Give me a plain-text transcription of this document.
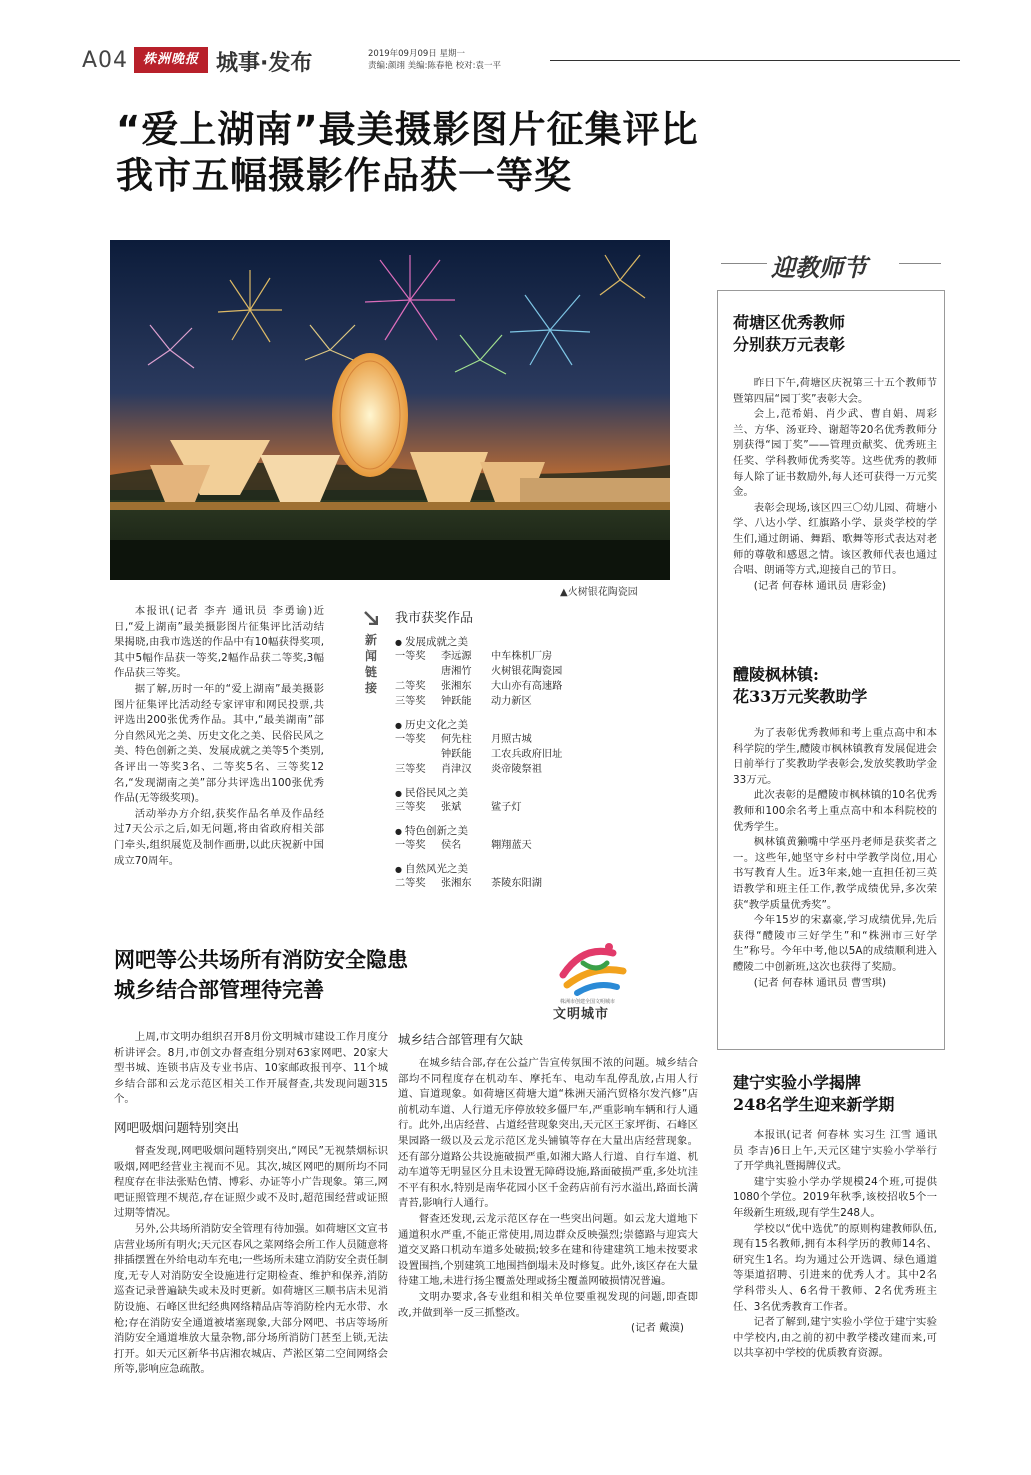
A04	株洲晚报 城事·发布	2019年09月09日 星期一
责编:颜翊 美编:陈春艳 校对:袁一平
“爱上湖南”最美摄影图片征集评比
我市五幅摄影作品获一等奖
▲火树银花陶瓷园

本报讯(记者 李卉 通讯员 李勇谕)近日,“爱上湖南”最美摄影图片征集评比活动结果揭晓,由我市选送的作品中有10幅获得奖项,其中5幅作品获一等奖,2幅作品获二等奖,3幅作品获三等奖。

据了解,历时一年的“爱上湖南”最美摄影图片征集评比活动经专家评审和网民投票,共评选出200张优秀作品。其中,“最美湖南”部分自然风光之美、历史文化之美、民俗民风之美、特色创新之美、发展成就之美等5个类别,各评出一等奖3名、二等奖5名、三等奖12名,“发现湖南之美”部分共评选出100张优秀作品(无等级奖项)。

活动举办方介绍,获奖作品名单及作品经过7天公示之后,如无问题,将由省政府相关部门牵头,组织展览及制作画册,以此庆祝新中国成立70周年。

新
闻
链
接
我市获奖作品
● 发展成就之美
一等奖	李远源	中车株机厂房
唐湘竹	火树银花陶瓷园
二等奖	张湘东	大山亦有高速路
三等奖	钟跃能	动力新区
● 历史文化之美
一等奖	何先柱	月照古城
钟跃能	工农兵政府旧址
三等奖	肖津汉	炎帝陵祭祖
● 民俗民风之美
三等奖	张斌	鲨子灯
● 特色创新之美
一等奖	侯名	翱翔蓝天
● 自然风光之美
二等奖	张湘东	茶陵东阳湖
网吧等公共场所有消防安全隐患
城乡结合部管理待完善	株洲市创建全国文明城市
文明城市

上周,市文明办组织召开8月份文明城市建设工作月度分析讲评会。8月,市创文办督查组分别对63家网吧、20家大型书城、连锁书店及专业书店、10家邮政报刊亭、11个城乡结合部和云龙示范区相关工作开展督查,共发现问题315个。

网吧吸烟问题特别突出

督查发现,网吧吸烟问题特别突出,“网民”无视禁烟标识吸烟,网吧经营业主视而不见。其次,城区网吧的厕所均不同程度存在非法张贴色情、博彩、办证等小广告现象。第三,网吧证照管理不规范,存在证照少或不及时,超范围经营或证照过期等情况。

另外,公共场所消防安全管理有待加强。如荷塘区文宣书店营业场所有明火;天元区春风之菜网络会所工作人员随意将排插摆置在外给电动车充电;一些场所未建立消防安全责任制度,无专人对消防安全设施进行定期检查、维护和保养,消防巡查记录普遍缺失或未及时更新。如荷塘区三顺书店未见消防设施、石峰区世纪经典网络精品店等消防栓内无水带、水枪;存在消防安全通道被堵塞现象,大部分网吧、书店等场所消防安全通道堆放大量杂物,部分场所消防门甚至上锁,无法打开。如天元区新华书店湘农城店、芦淞区第二空间网络会所等,影响应急疏散。

城乡结合部管理有欠缺

在城乡结合部,存在公益广告宣传氛围不浓的问题。城乡结合部均不同程度存在机动车、摩托车、电动车乱停乱放,占用人行道、盲道现象。如荷塘区荷塘大道“株洲天涌汽贸格尔发汽修”店前机动车道、人行道无序停放较多僵尸车,严重影响车辆和行人通行。此外,出店经营、占道经营现象突出,天元区王家坪街、石峰区果园路一级以及云龙示范区龙头铺镇等存在大量出店经营现象。还有部分道路公共设施破损严重,如湘大路人行道、自行车道、机动车道等无明显区分且未设置无障碍设施,路面破损严重,多处坑洼不平有积水,特别是南华花园小区千金药店前有污水溢出,路面长满青苔,影响行人通行。

督查还发现,云龙示范区存在一些突出问题。如云龙大道地下通道积水严重,不能正常使用,周边群众反映强烈;崇德路与迎宾大道交叉路口机动车道多处破损;较多在建和待建建筑工地未按要求设置围挡,个别建筑工地围挡倒塌未及时修复。此外,该区存在大量待建工地,未进行扬尘覆盖处理或扬尘覆盖网破损情况普遍。

文明办要求,各专业组和相关单位要重视发现的问题,即查即改,并做到举一反三抓整改。

(记者 戴漠)
迎教师节
荷塘区优秀教师
分别获万元表彰

昨日下午,荷塘区庆祝第三十五个教师节暨第四届“园丁奖”表彰大会。

会上,范希娟、肖少武、曹自娟、周彩兰、方华、汤亚玲、谢超等20名优秀教师分别获得“园丁奖”——管理贡献奖、优秀班主任奖、学科教师优秀奖等。这些优秀的教师每人除了证书数励外,每人还可获得一万元奖金。

表彰会现场,该区四三〇幼儿园、荷塘小学、八达小学、红旗路小学、景炎学校的学生们,通过朗诵、舞蹈、歌舞等形式表达对老师的尊敬和感恩之情。该区教师代表也通过合唱、朗诵等方式,迎接自己的节日。

(记者 何春林 通讯员 唐彩金)
醴陵枫林镇:
花33万元奖教助学

为了表彰优秀教师和考上重点高中和本科学院的学生,醴陵市枫林镇教育发展促进会日前举行了奖教助学表彰会,发放奖教助学金33万元。

此次表彰的是醴陵市枫林镇的10名优秀教师和100余名考上重点高中和本科院校的优秀学生。

枫林镇黄獭嘴中学巫丹老师是获奖者之一。这些年,她坚守乡村中学教学岗位,用心书写教育人生。近3年来,她一直担任初三英语教学和班主任工作,教学成绩优异,多次荣获“教学质量优秀奖”。

今年15岁的宋嘉豪,学习成绩优异,先后获得“醴陵市三好学生”和“株洲市三好学生”称号。今年中考,他以5A的成绩顺利进入醴陵二中创新班,这次也获得了奖励。

(记者 何春林 通讯员 曹雪琪)
建宁实验小学揭牌
248名学生迎来新学期

本报讯(记者 何春林 实习生 江雪 通讯员 李吉)6日上午,天元区建宁实验小学举行了开学典礼暨揭牌仪式。

建宁实验小学办学规模24个班,可提供1080个学位。2019年秋季,该校招收5个一年级新生班级,现有学生248人。

学校以“优中选优”的原则构建教师队伍,现有15名教师,拥有本科学历的教师14名、研究生1名。均为通过公开选调、绿色通道等渠道招聘、引进来的优秀人才。其中2名学科带头人、6名骨干教师、2名优秀班主任、3名优秀教育工作者。

记者了解到,建宁实验小学位于建宁实验中学校内,由之前的初中教学楼改建而来,可以共享初中学校的优质教育资源。
